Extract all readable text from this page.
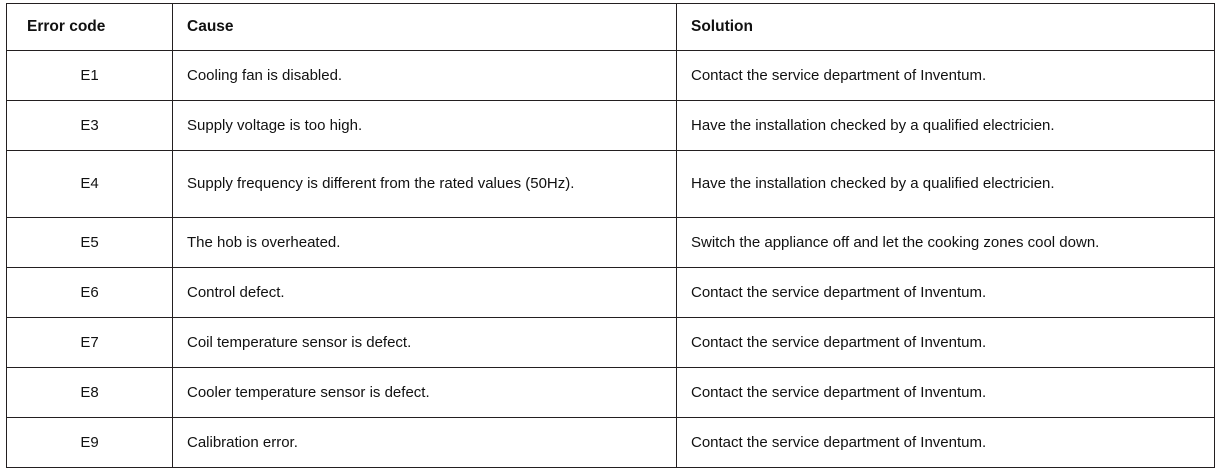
Error code	Cause	Solution
E1	Cooling fan is disabled.	Contact the service department of Inventum.
E3	Supply voltage is too high.	Have the installation checked by a qualified electricien.
E4	Supply frequency is different from the rated values (50Hz).	Have the installation checked by a qualified electricien.
E5	The hob is overheated.	Switch the appliance off and let the cooking zones cool down.
E6	Control defect.	Contact the service department of Inventum.
E7	Coil temperature sensor is defect.	Contact the service department of Inventum.
E8	Cooler temperature sensor is defect.	Contact the service department of Inventum.
E9	Calibration error.	Contact the service department of Inventum.
